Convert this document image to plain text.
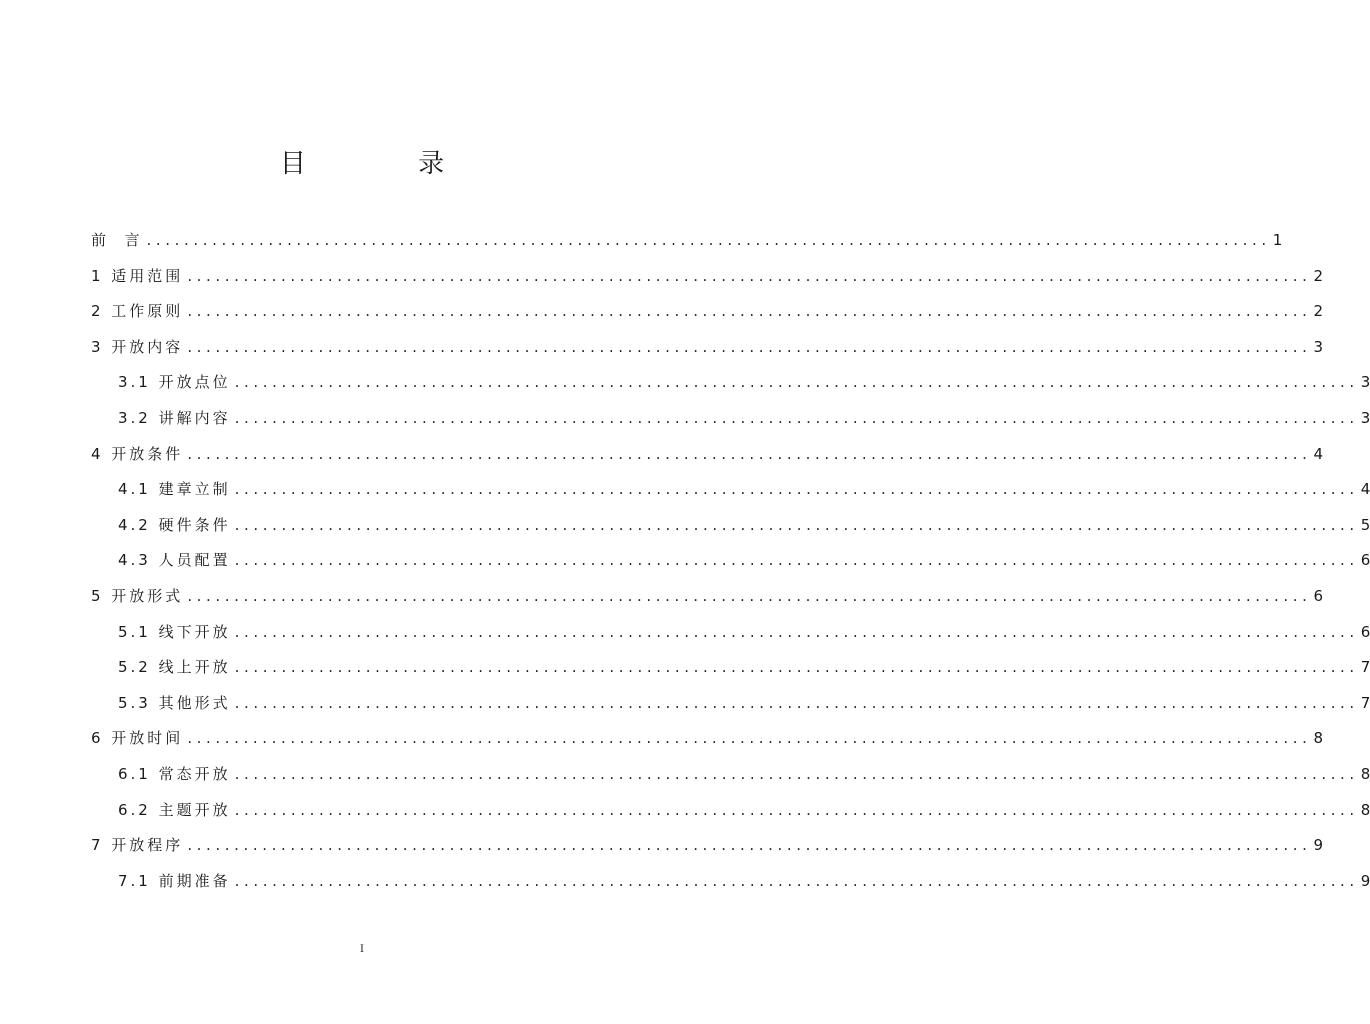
目 录
前  言 ........................................................................................................................ 1
1 适用范围 ........................................................................................................................ 2
2 工作原则 ........................................................................................................................ 2
3 开放内容 ........................................................................................................................ 3
3.1 开放点位 ........................................................................................................................ 3
3.2 讲解内容 ........................................................................................................................ 3
4 开放条件 ........................................................................................................................ 4
4.1 建章立制 ........................................................................................................................ 4
4.2 硬件条件 ........................................................................................................................ 5
4.3 人员配置 ........................................................................................................................ 6
5 开放形式 ........................................................................................................................ 6
5.1 线下开放 ........................................................................................................................ 6
5.2 线上开放 ........................................................................................................................ 7
5.3 其他形式 ........................................................................................................................ 7
6 开放时间 ........................................................................................................................ 8
6.1 常态开放 ........................................................................................................................ 8
6.2 主题开放 ........................................................................................................................ 8
7 开放程序 ........................................................................................................................ 9
7.1 前期准备 ........................................................................................................................ 9
I
